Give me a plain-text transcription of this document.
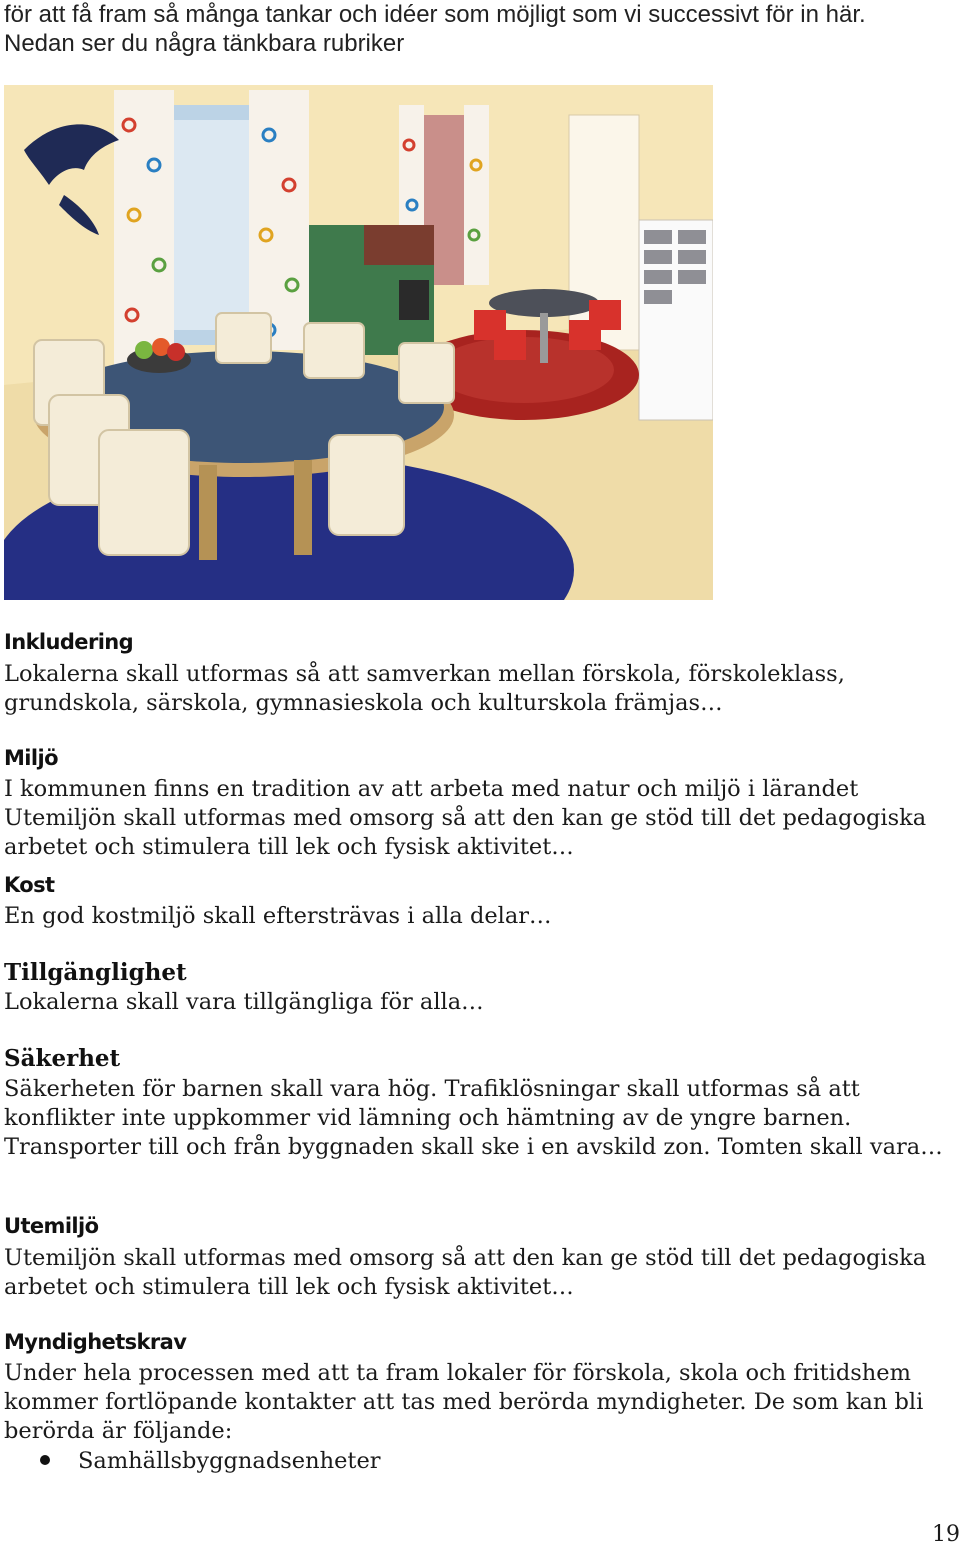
för att få fram så många tankar och idéer som möjligt som vi successivt för in här.
Nedan ser du några tänkbara rubriker
Inkludering
Lokalerna skall utformas så att samverkan mellan förskola, förskoleklass, grundskola, särskola, gymnasieskola och kulturskola främjas…
Miljö
I kommunen finns en tradition av att arbeta med natur och miljö i lärandet Utemiljön skall utformas med omsorg så att den kan ge stöd till det pedagogiska arbetet och stimulera till lek och fysisk aktivitet…
Kost
En god kostmiljö skall eftersträvas i alla delar…
Tillgänglighet
Lokalerna skall vara tillgängliga för alla…
Säkerhet
Säkerheten för barnen skall vara hög. Trafiklösningar skall utformas så att konflikter inte uppkommer vid lämning och hämtning av de yngre barnen. Transporter till och från byggnaden skall ske i en avskild zon. Tomten skall vara…
Utemiljö
Utemiljön skall utformas med omsorg så att den kan ge stöd till det pedagogiska arbetet och stimulera till lek och fysisk aktivitet…
Myndighetskrav
Under hela processen med att ta fram lokaler för förskola, skola och fritidshem kommer fortlöpande kontakter att tas med berörda myndigheter. De som kan bli berörda är följande:
Samhällsbyggnadsenheter
19
